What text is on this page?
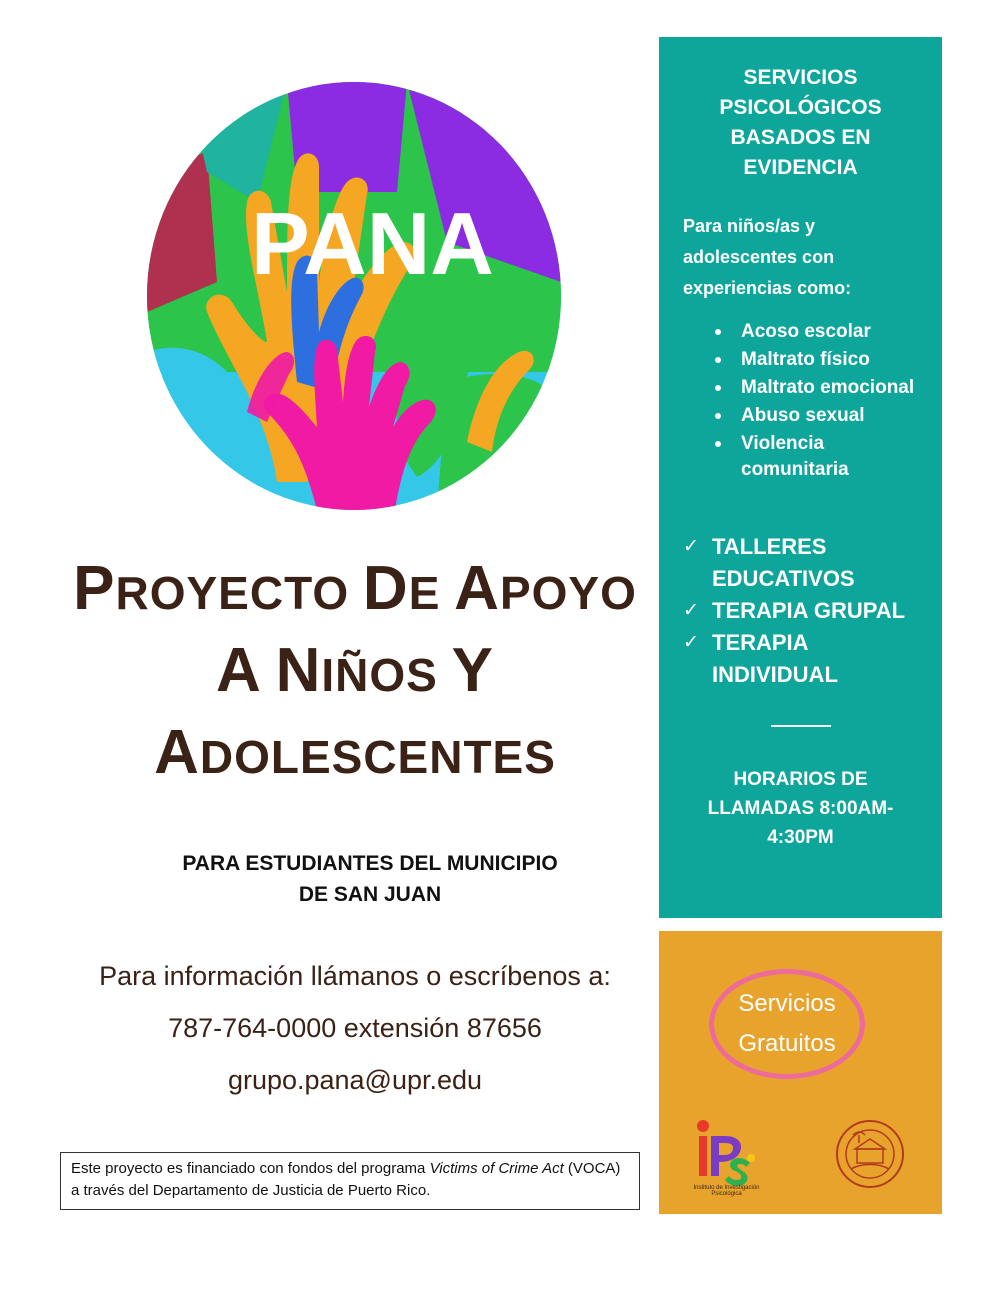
PANA
PROYECTO DE APOYO
A NIÑOS Y
ADOLESCENTES
PARA ESTUDIANTES DEL MUNICIPIO
DE SAN JUAN
Para información llámanos o escríbenos a:
787-764-0000 extensión 87656
grupo.pana@upr.edu
Este proyecto es financiado con fondos del programa Victims of Crime Act (VOCA) a través del Departamento de Justicia de Puerto Rico.
SERVICIOS
PSICOLÓGICOS
BASADOS EN
EVIDENCIA
Para niños/as y
adolescentes con
experiencias como:
Acoso escolar
Maltrato físico
Maltrato emocional
Abuso sexual
Violencia comunitaria
✓ TALLERES EDUCATIVOS
✓ TERAPIA GRUPAL
✓ TERAPIA INDIVIDUAL
HORARIOS DE
LLAMADAS 8:00AM-
4:30PM
Servicios
Gratuitos
Instituto de Investigación Psicológica
